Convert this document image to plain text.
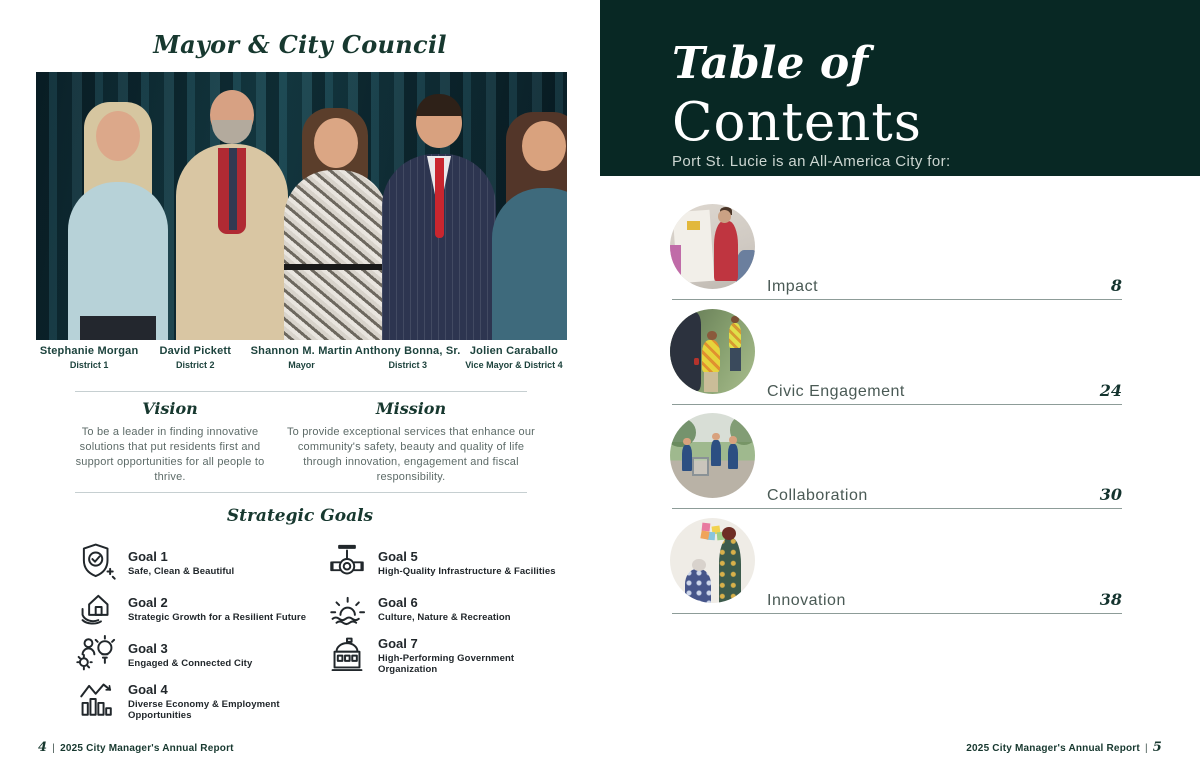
Mayor & City Council
Stephanie Morgan
District 1
David Pickett
District 2
Shannon M. Martin
Mayor
Anthony Bonna, Sr.
District 3
Jolien Caraballo
Vice Mayor & District 4
Vision

To be a leader in finding innovative solutions that put residents first and support opportunities for all people to thrive.

Mission

To provide exceptional services that enhance our community's safety, beauty and quality of life through innovation, engagement and fiscal responsibility.

Strategic Goals
Goal 1
Safe, Clean & Beautiful
Goal 5
High-Quality Infrastructure & Facilities
Goal 2
Strategic Growth for a Resilient Future
Goal 6
Culture, Nature & Recreation
Goal 3
Engaged & Connected City
Goal 7
High-Performing Government Organization
Goal 4
Diverse Economy & Employment Opportunities
4 | 2025 City Manager's Annual Report
Table of
Contents
Port St. Lucie is an All-America City for:
Impact	8
Civic Engagement	24
Collaboration	30
Innovation	38
2025 City Manager's Annual Report | 5
